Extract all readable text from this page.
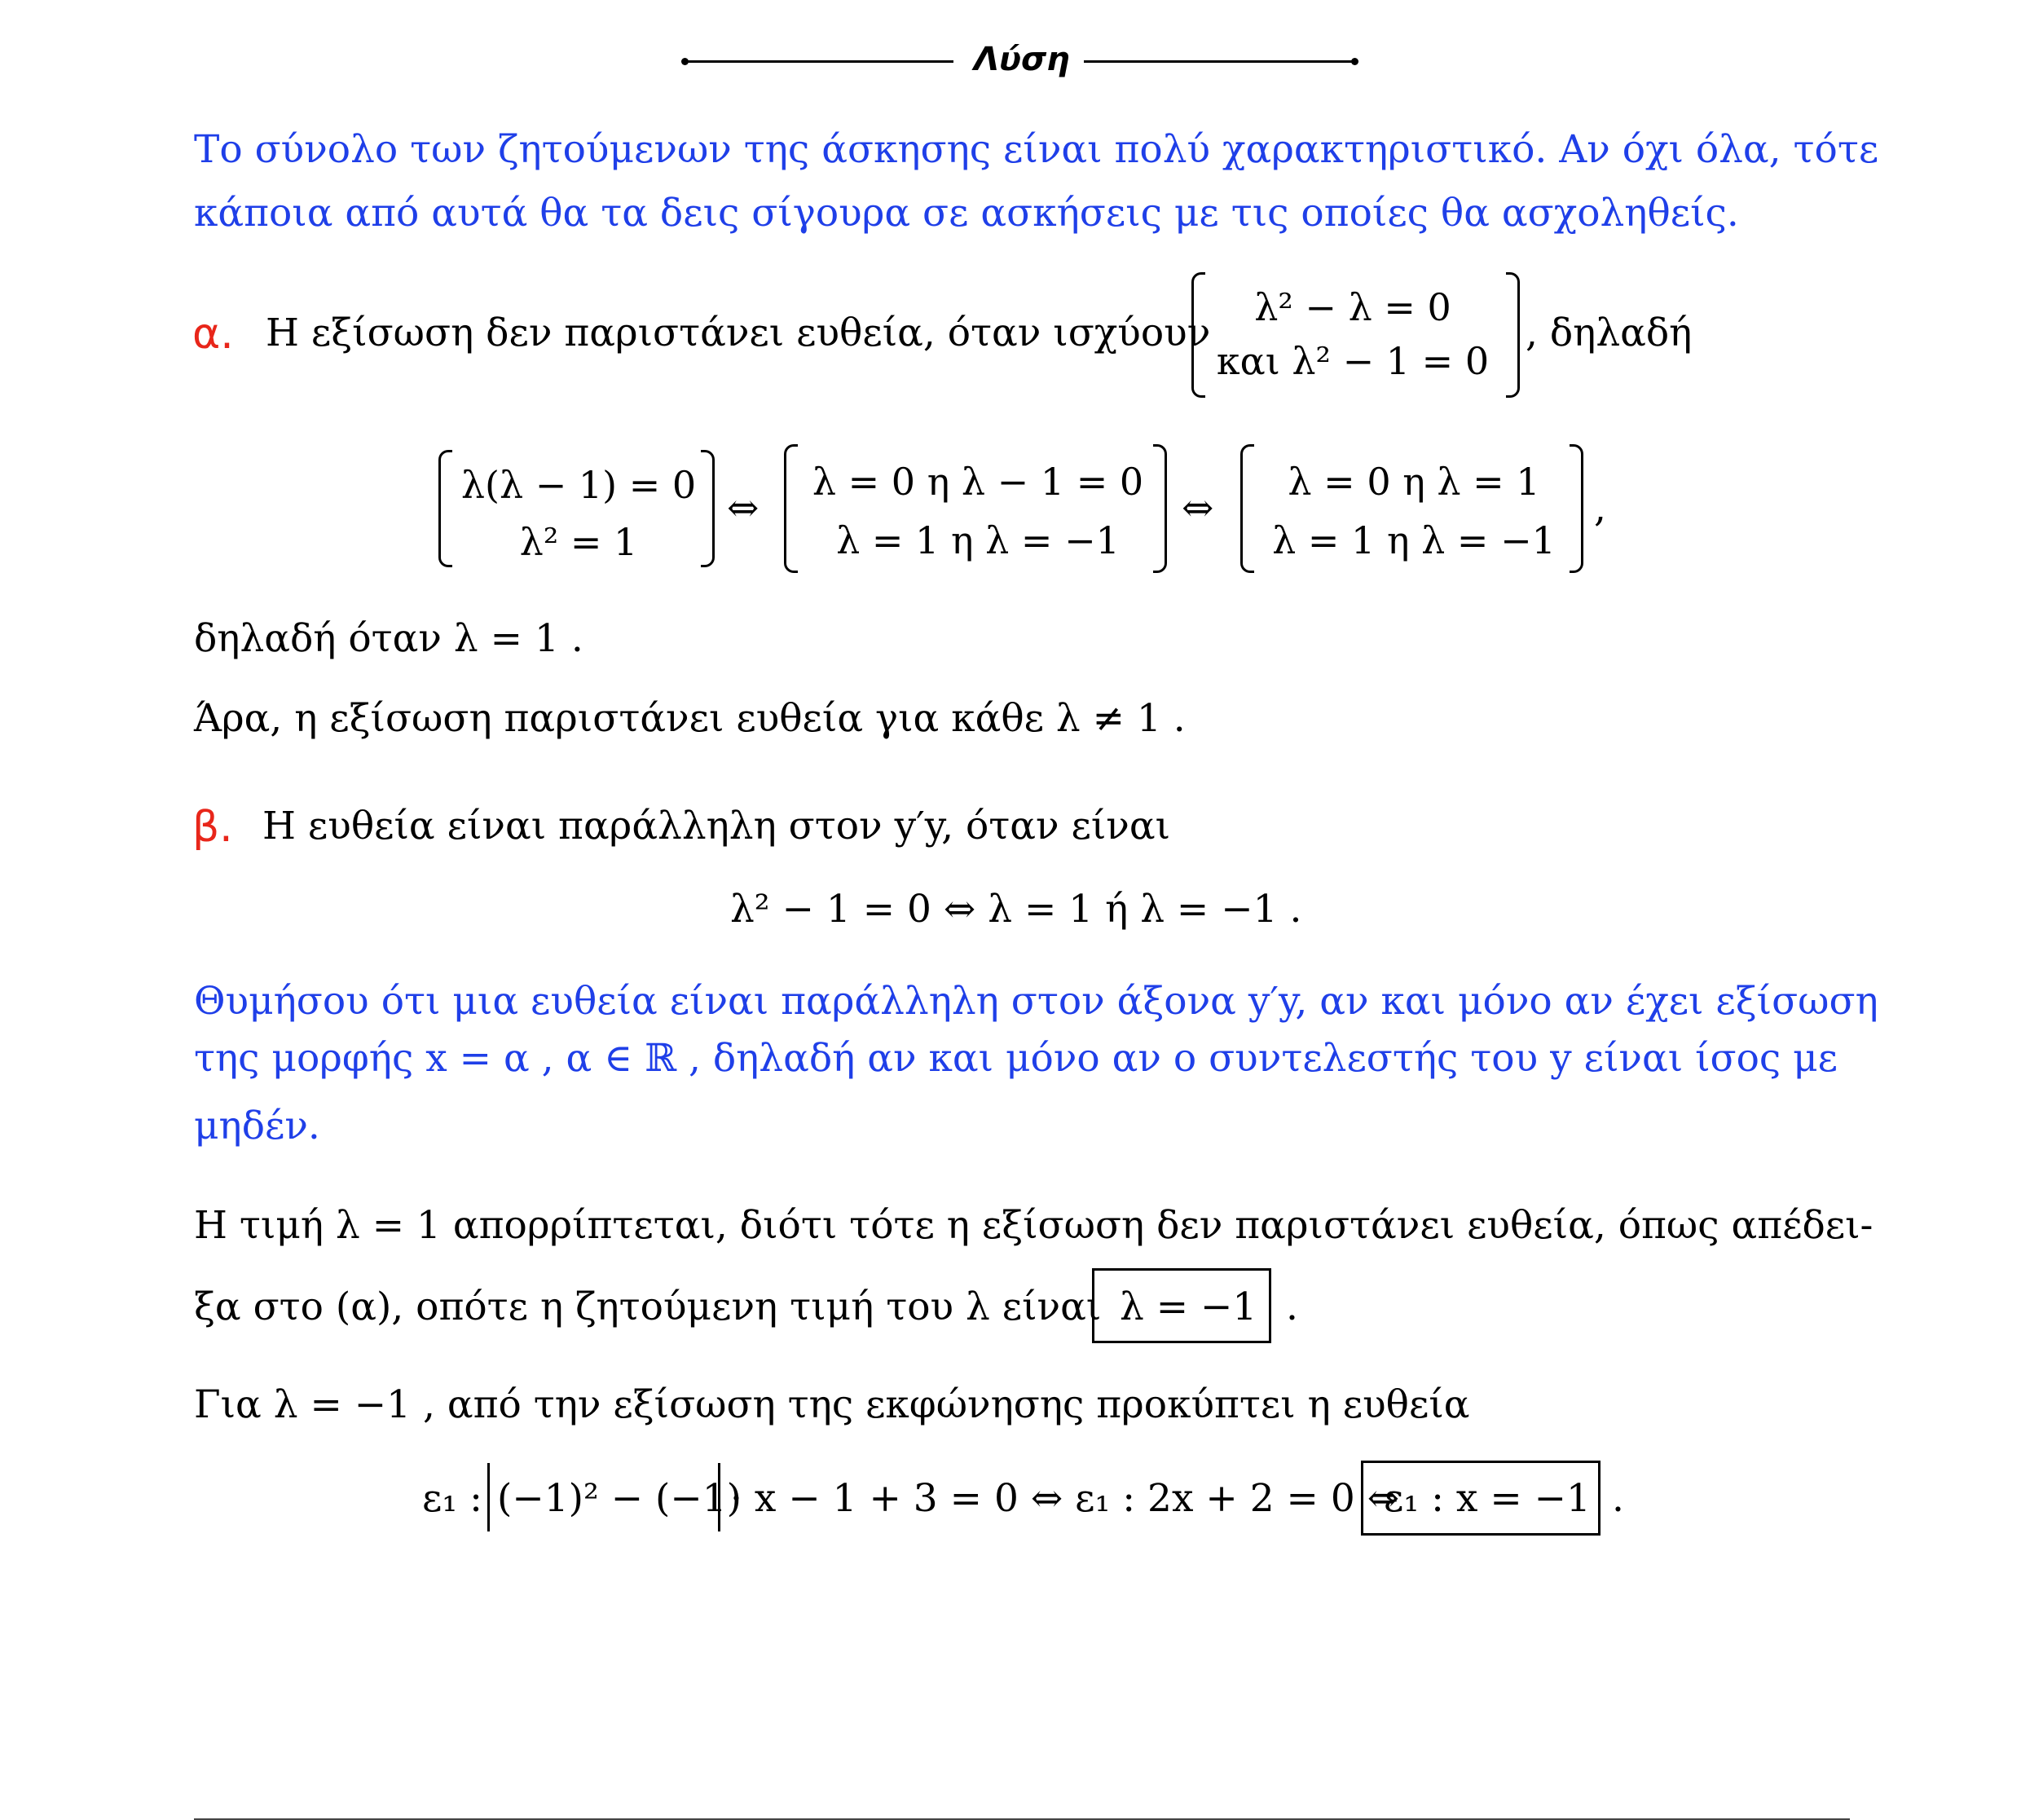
Λύση
Το σύνολο των ζητούμενων της άσκησης είναι πολύ χαρακτηριστικό. Αν όχι όλα, τότε
κάποια από αυτά θα τα δεις σίγουρα σε ασκήσεις με τις οποίες θα ασχοληθείς.
α. Η εξίσωση δεν παριστάνει ευθεία, όταν ισχύουν
λ² − λ = 0
και λ² − 1 = 0
, δηλαδή
λ(λ − 1) = 0
λ² = 1
⇔
λ = 0 η λ − 1 = 0
λ = 1 η λ = −1
⇔
λ = 0 η λ = 1
λ = 1 η λ = −1
,
δηλαδή όταν λ = 1 .
Άρα, η εξίσωση παριστάνει ευθεία για κάθε λ ≠ 1 .
β. Η ευθεία είναι παράλληλη στον y′y, όταν είναι
λ² − 1 = 0 ⇔ λ = 1 ή λ = −1 .
Θυμήσου ότι μια ευθεία είναι παράλληλη στον άξονα y′y, αν και μόνο αν έχει εξίσωση
της μορφής x = α , α ∈ ℝ , δηλαδή αν και μόνο αν ο συντελεστής του y είναι ίσος με
μηδέν.
Η τιμή λ = 1 απορρίπτεται, διότι τότε η εξίσωση δεν παριστάνει ευθεία, όπως απέδει-
ξα στο (α), οπότε η ζητούμενη τιμή του λ είναι λ = −1 .
Για λ = −1 , από την εξίσωση της εκφώνησης προκύπτει η ευθεία
ε₁ : (−1)² − (−1)
· x − 1 + 3 = 0 ⇔ ε₁ : 2x + 2 = 0 ⇔
ε₁ : x = −1 .
